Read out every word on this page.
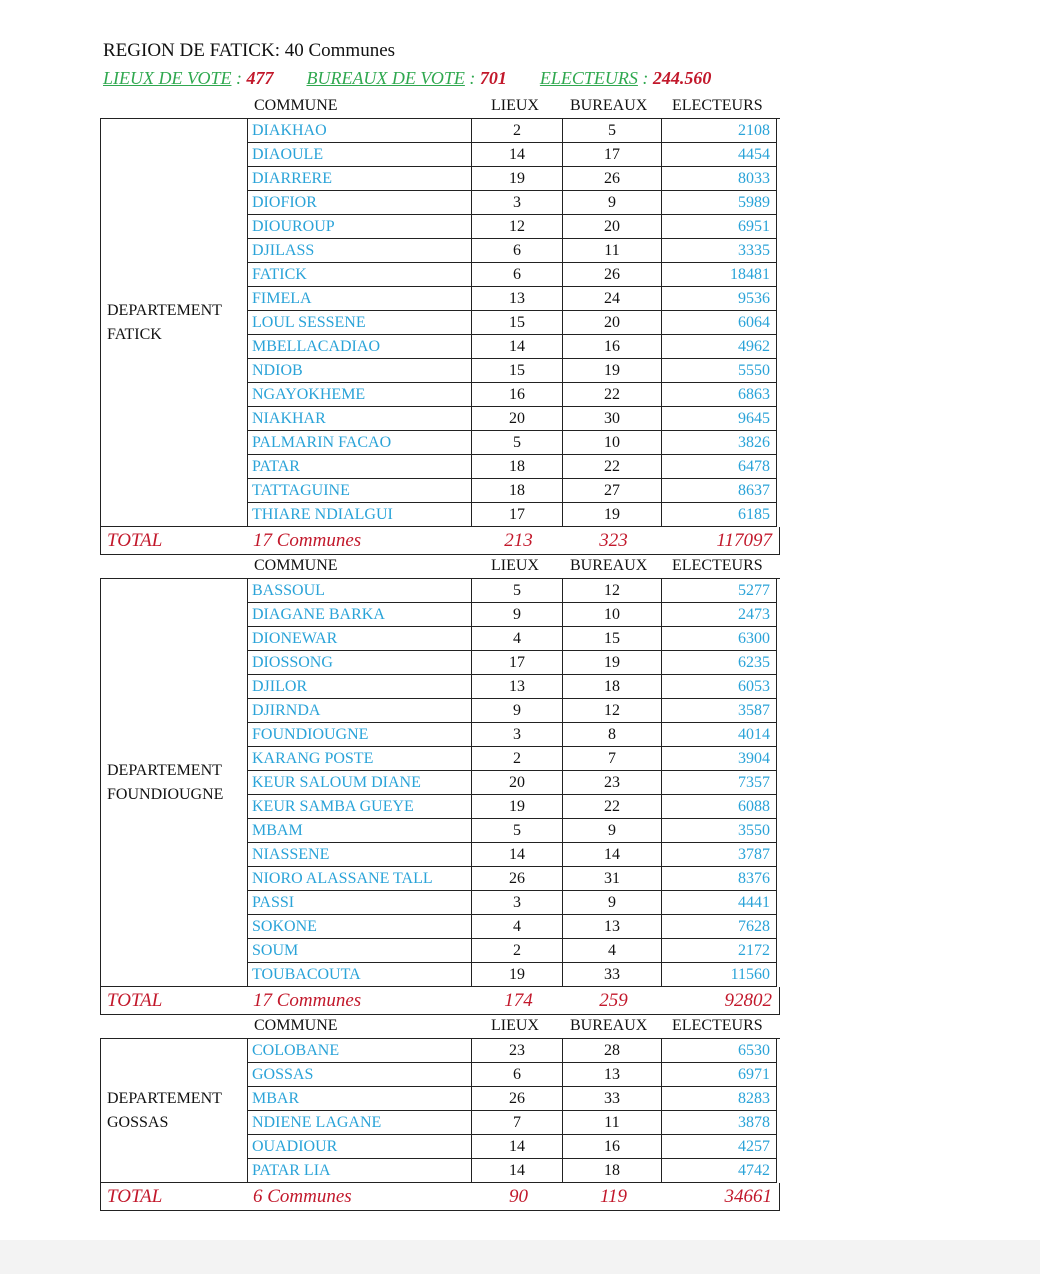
REGION DE FATICK: 40 Communes
LIEUX DE VOTE : 477 BUREAUX DE VOTE : 701 ELECTEURS : 244.560
COMMUNE	LIEUX BUREAUX ELECTEURS
DEPARTEMENT
FATICK
DIAKHAO	2	5	2108
DIAOULE	14	17	4454
DIARRERE	19	26	8033
DIOFIOR	3	9	5989
DIOUROUP	12	20	6951
DJILASS	6	11	3335
FATICK	6	26	18481
FIMELA	13	24	9536
LOUL SESSENE	15	20	6064
MBELLACADIAO	14	16	4962
NDIOB	15	19	5550
NGAYOKHEME	16	22	6863
NIAKHAR	20	30	9645
PALMARIN FACAO	5	10	3826
PATAR	18	22	6478
TATTAGUINE	18	27	8637
THIARE NDIALGUI	17	19	6185
TOTAL	17 Communes	213	323	117097
COMMUNE	LIEUX BUREAUX ELECTEURS
DEPARTEMENT
FOUNDIOUGNE
BASSOUL	5	12	5277
DIAGANE BARKA	9	10	2473
DIONEWAR	4	15	6300
DIOSSONG	17	19	6235
DJILOR	13	18	6053
DJIRNDA	9	12	3587
FOUNDIOUGNE	3	8	4014
KARANG POSTE	2	7	3904
KEUR SALOUM DIANE	20	23	7357
KEUR SAMBA GUEYE	19	22	6088
MBAM	5	9	3550
NIASSENE	14	14	3787
NIORO ALASSANE TALL	26	31	8376
PASSI	3	9	4441
SOKONE	4	13	7628
SOUM	2	4	2172
TOUBACOUTA	19	33	11560
TOTAL	17 Communes	174	259	92802
COMMUNE	LIEUX BUREAUX ELECTEURS
DEPARTEMENT
GOSSAS
COLOBANE	23	28	6530
GOSSAS	6	13	6971
MBAR	26	33	8283
NDIENE LAGANE	7	11	3878
OUADIOUR	14	16	4257
PATAR LIA	14	18	4742
TOTAL	6 Communes	90	119	34661
